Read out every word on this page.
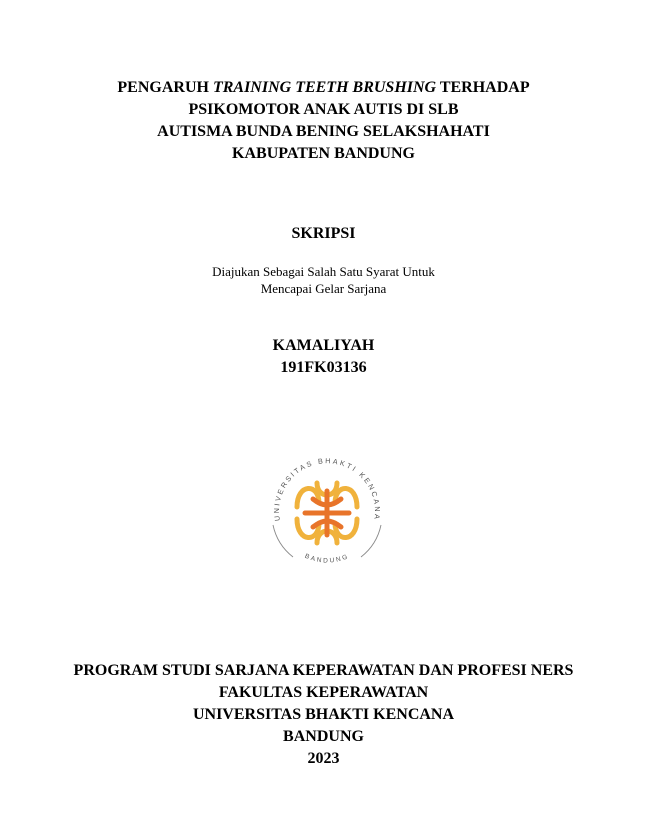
PENGARUH TRAINING TEETH BRUSHING TERHADAP
PSIKOMOTOR ANAK AUTIS DI SLB
AUTISMA BUNDA BENING SELAKSHAHATI
KABUPATEN BANDUNG
SKRIPSI
Diajukan Sebagai Salah Satu Syarat Untuk
Mencapai Gelar Sarjana
KAMALIYAH
191FK03136
UNIVERSITAS BHAKTI KENCANA
BANDUNG
PROGRAM STUDI SARJANA KEPERAWATAN DAN PROFESI NERS
FAKULTAS KEPERAWATAN
UNIVERSITAS BHAKTI KENCANA
BANDUNG
2023
